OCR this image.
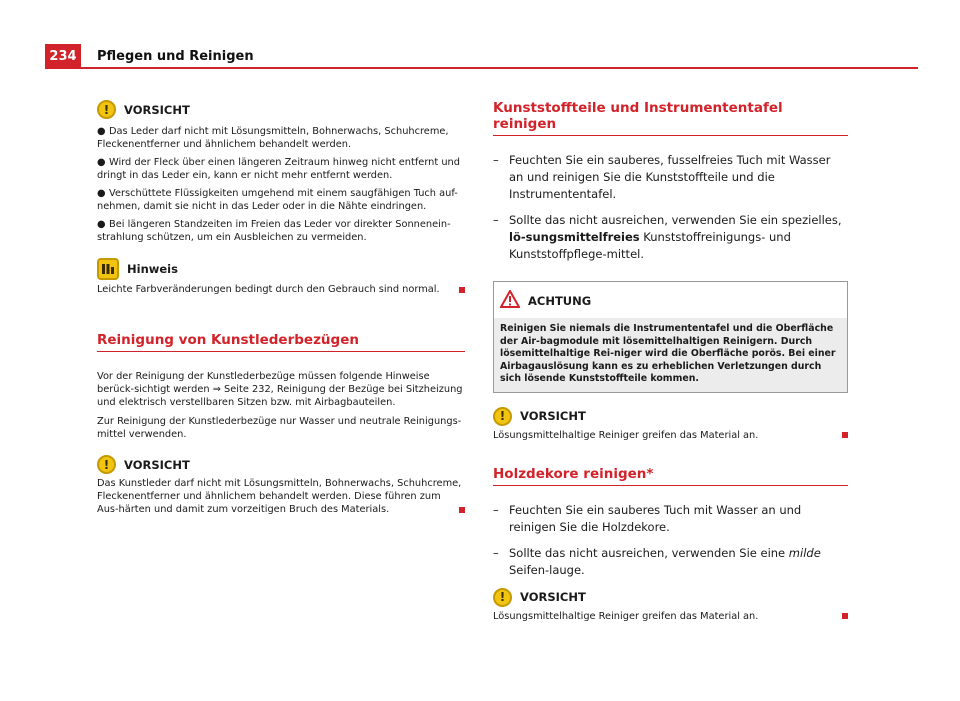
234	Pflegen und Reinigen
!	VORSICHT

● Das Leder darf nicht mit Lösungsmitteln, Bohnerwachs, Schuhcreme, Fleckenentferner und ähnlichem behandelt werden.

● Wird der Fleck über einen längeren Zeitraum hinweg nicht entfernt und dringt in das Leder ein, kann er nicht mehr entfernt werden.

● Verschüttete Flüssigkeiten umgehend mit einem saugfähigen Tuch auf-nehmen, damit sie nicht in das Leder oder in die Nähte eindringen.

● Bei längeren Standzeiten im Freien das Leder vor direkter Sonnenein-strahlung schützen, um ein Ausbleichen zu vermeiden.

Hinweis
Leichte Farbveränderungen bedingt durch den Gebrauch sind normal.
Reinigung von Kunstlederbezügen

Vor der Reinigung der Kunstlederbezüge müssen folgende Hinweise berück-sichtigt werden ⇒ Seite 232, Reinigung der Bezüge bei Sitzheizung und elektrisch verstellbaren Sitzen bzw. mit Airbagbauteilen.

Zur Reinigung der Kunstlederbezüge nur Wasser und neutrale Reinigungs-mittel verwenden.

!	VORSICHT
Das Kunstleder darf nicht mit Lösungsmitteln, Bohnerwachs, Schuhcreme, Fleckenentferner und ähnlichem behandelt werden. Diese führen zum Aus-härten und damit zum vorzeitigen Bruch des Materials.
Kunststoffteile und Instrumententafel reinigen
– Feuchten Sie ein sauberes, fusselfreies Tuch mit Wasser an und reinigen Sie die Kunststoffteile und die Instrumententafel.
– Sollte das nicht ausreichen, verwenden Sie ein spezielles, lö-sungsmittelfreies Kunststoffreinigungs- und Kunststoffpflege-mittel.
ACHTUNG
Reinigen Sie niemals die Instrumententafel und die Oberfläche der Air-bagmodule mit lösemittelhaltigen Reinigern. Durch lösemittelhaltige Rei-niger wird die Oberfläche porös. Bei einer Airbagauslösung kann es zu erheblichen Verletzungen durch sich lösende Kunststoffteile kommen.
!	VORSICHT
Lösungsmittelhaltige Reiniger greifen das Material an.
Holzdekore reinigen*
– Feuchten Sie ein sauberes Tuch mit Wasser an und reinigen Sie die Holzdekore.
– Sollte das nicht ausreichen, verwenden Sie eine milde Seifen-lauge.
!	VORSICHT
Lösungsmittelhaltige Reiniger greifen das Material an.
